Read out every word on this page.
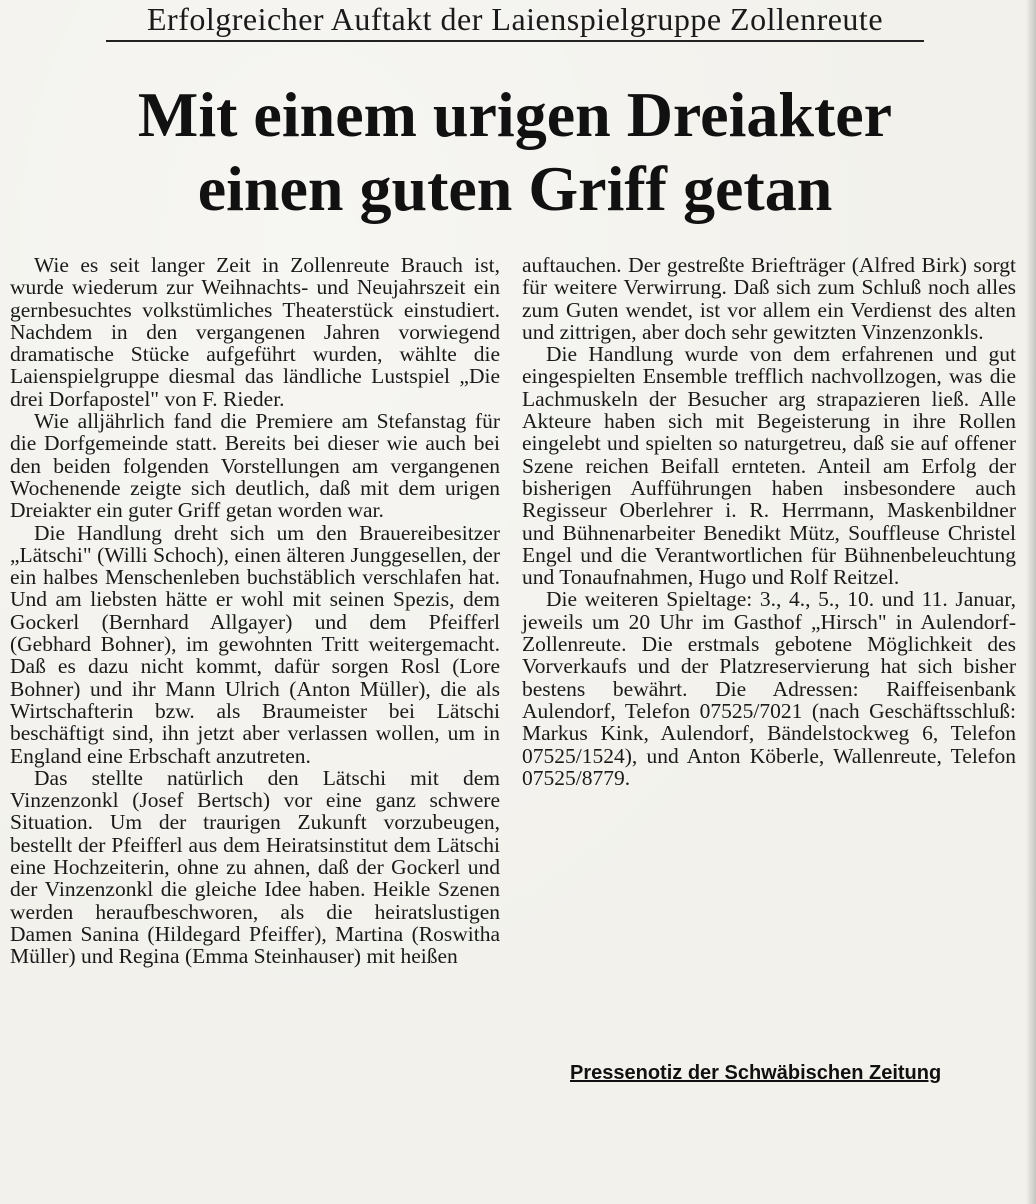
Erfolgreicher Auftakt der Laienspielgruppe Zollenreute
Mit einem urigen Dreiakter
einen guten Griff getan

Wie es seit langer Zeit in Zollenreute Brauch ist, wurde wiederum zur Weihnachts- und Neujahrszeit ein gernbesuchtes volkstümliches Theaterstück einstudiert. Nachdem in den vergangenen Jahren vorwiegend dramatische Stücke aufgeführt wurden, wählte die Laienspielgruppe diesmal das ländliche Lustspiel „Die drei Dorfapostel" von F. Rieder.

Wie alljährlich fand die Premiere am Stefanstag für die Dorfgemeinde statt. Bereits bei dieser wie auch bei den beiden folgenden Vorstellungen am vergangenen Wochenende zeigte sich deutlich, daß mit dem urigen Dreiakter ein guter Griff getan worden war.

Die Handlung dreht sich um den Brauereibesitzer „Lätschi" (Willi Schoch), einen älteren Junggesellen, der ein halbes Menschenleben buchstäblich verschlafen hat. Und am liebsten hätte er wohl mit seinen Spezis, dem Gockerl (Bernhard Allgayer) und dem Pfeifferl (Gebhard Bohner), im gewohnten Tritt weitergemacht. Daß es dazu nicht kommt, dafür sorgen Rosl (Lore Bohner) und ihr Mann Ulrich (Anton Müller), die als Wirtschafterin bzw. als Braumeister bei Lätschi beschäftigt sind, ihn jetzt aber verlassen wollen, um in England eine Erbschaft anzutreten.

Das stellte natürlich den Lätschi mit dem Vinzenzonkl (Josef Bertsch) vor eine ganz schwere Situation. Um der traurigen Zukunft vorzubeugen, bestellt der Pfeifferl aus dem Heiratsinstitut dem Lätschi eine Hochzeiterin, ohne zu ahnen, daß der Gockerl und der Vinzenzonkl die gleiche Idee haben. Heikle Szenen werden heraufbeschworen, als die heiratslustigen Damen Sanina (Hildegard Pfeiffer), Martina (Roswitha Müller) und Regina (Emma Steinhauser) mit heißen

auftauchen. Der gestreßte Briefträger (Alfred Birk) sorgt für weitere Verwirrung. Daß sich zum Schluß noch alles zum Guten wendet, ist vor allem ein Verdienst des alten und zittrigen, aber doch sehr gewitzten Vinzenzonkls.

Die Handlung wurde von dem erfahrenen und gut eingespielten Ensemble trefflich nachvollzogen, was die Lachmuskeln der Besucher arg strapazieren ließ. Alle Akteure haben sich mit Begeisterung in ihre Rollen eingelebt und spielten so naturgetreu, daß sie auf offener Szene reichen Beifall ernteten. Anteil am Erfolg der bisherigen Aufführungen haben insbesondere auch Regisseur Oberlehrer i. R. Herrmann, Maskenbildner und Bühnenarbeiter Benedikt Mütz, Souffleuse Christel Engel und die Verantwortlichen für Bühnenbeleuchtung und Tonaufnahmen, Hugo und Rolf Reitzel.

Die weiteren Spieltage: 3., 4., 5., 10. und 11. Januar, jeweils um 20 Uhr im Gasthof „Hirsch" in Aulendorf-Zollenreute. Die erstmals gebotene Möglichkeit des Vorverkaufs und der Platzreservierung hat sich bisher bestens bewährt. Die Adressen: Raiffeisenbank Aulendorf, Telefon 07525/7021 (nach Geschäftsschluß: Markus Kink, Aulendorf, Bändelstockweg 6, Telefon 07525/1524), und Anton Köberle, Wallenreute, Telefon 07525/8779.

Pressenotiz der Schwäbischen Zeitung
